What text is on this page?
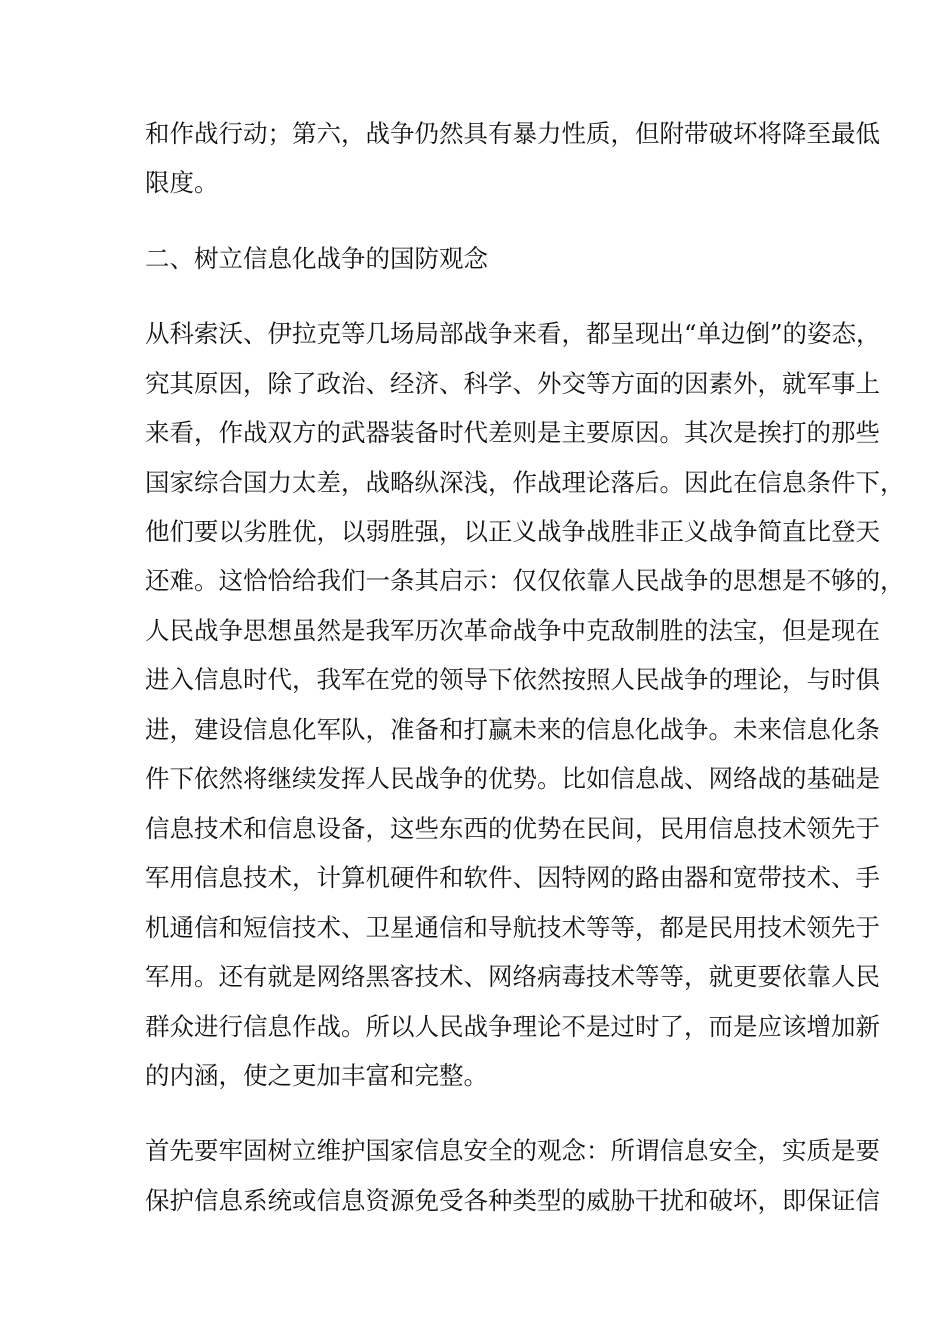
和作战行动；第六，战争仍然具有暴力性质，但附带破坏将降至最低
限度。
二、树立信息化战争的国防观念
从科索沃、伊拉克等几场局部战争来看，都呈现出“单边倒”的姿态，
究其原因，除了政治、经济、科学、外交等方面的因素外，就军事上
来看，作战双方的武器装备时代差则是主要原因。其次是挨打的那些
国家综合国力太差，战略纵深浅，作战理论落后。因此在信息条件下，
他们要以劣胜优，以弱胜强，以正义战争战胜非正义战争简直比登天
还难。这恰恰给我们一条其启示：仅仅依靠人民战争的思想是不够的，
人民战争思想虽然是我军历次革命战争中克敌制胜的法宝，但是现在
进入信息时代，我军在党的领导下依然按照人民战争的理论，与时俱
进，建设信息化军队，准备和打赢未来的信息化战争。未来信息化条
件下依然将继续发挥人民战争的优势。比如信息战、网络战的基础是
信息技术和信息设备，这些东西的优势在民间，民用信息技术领先于
军用信息技术，计算机硬件和软件、因特网的路由器和宽带技术、手
机通信和短信技术、卫星通信和导航技术等等，都是民用技术领先于
军用。还有就是网络黑客技术、网络病毒技术等等，就更要依靠人民
群众进行信息作战。所以人民战争理论不是过时了，而是应该增加新
的内涵，使之更加丰富和完整。
首先要牢固树立维护国家信息安全的观念：所谓信息安全，实质是要
保护信息系统或信息资源免受各种类型的威胁干扰和破坏，即保证信
